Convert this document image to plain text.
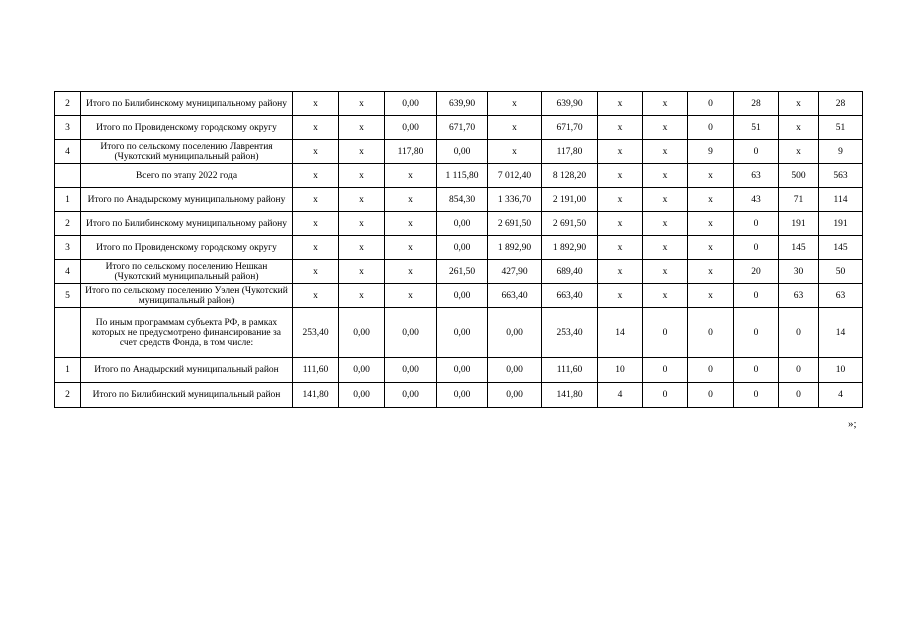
2	Итого по Билибинскому муниципальному району	x	x	0,00	639,90	x	639,90	x	x	0	28	x	28
3	Итого по Провиденскому городскому округу	x	x	0,00	671,70	x	671,70	x	x	0	51	x	51
4	Итого по сельскому поселению Лаврентия (Чукотский муниципальный район)	x	x	117,80	0,00	x	117,80	x	x	9	0	x	9
	Всего по этапу 2022 года	x	x	x	1 115,80	7 012,40	8 128,20	x	x	x	63	500	563
1	Итого по Анадырскому муниципальному району	x	x	x	854,30	1 336,70	2 191,00	x	x	x	43	71	114
2	Итого по Билибинскому муниципальному району	x	x	x	0,00	2 691,50	2 691,50	x	x	x	0	191	191
3	Итого по Провиденскому городскому округу	x	x	x	0,00	1 892,90	1 892,90	x	x	x	0	145	145
4	Итого по сельскому поселению Нешкан (Чукотский муниципальный район)	x	x	x	261,50	427,90	689,40	x	x	x	20	30	50
5	Итого по сельскому поселению Уэлен (Чукотский муниципальный район)	x	x	x	0,00	663,40	663,40	x	x	x	0	63	63
	По иным программам субъекта РФ, в рамках которых не предусмотрено финансирование за счет средств Фонда, в том числе:	253,40	0,00	0,00	0,00	0,00	253,40	14	0	0	0	0	14
1	Итого по Анадырский муниципальный район	111,60	0,00	0,00	0,00	0,00	111,60	10	0	0	0	0	10
2	Итого по Билибинский муниципальный район	141,80	0,00	0,00	0,00	0,00	141,80	4	0	0	0	0	4
»;
